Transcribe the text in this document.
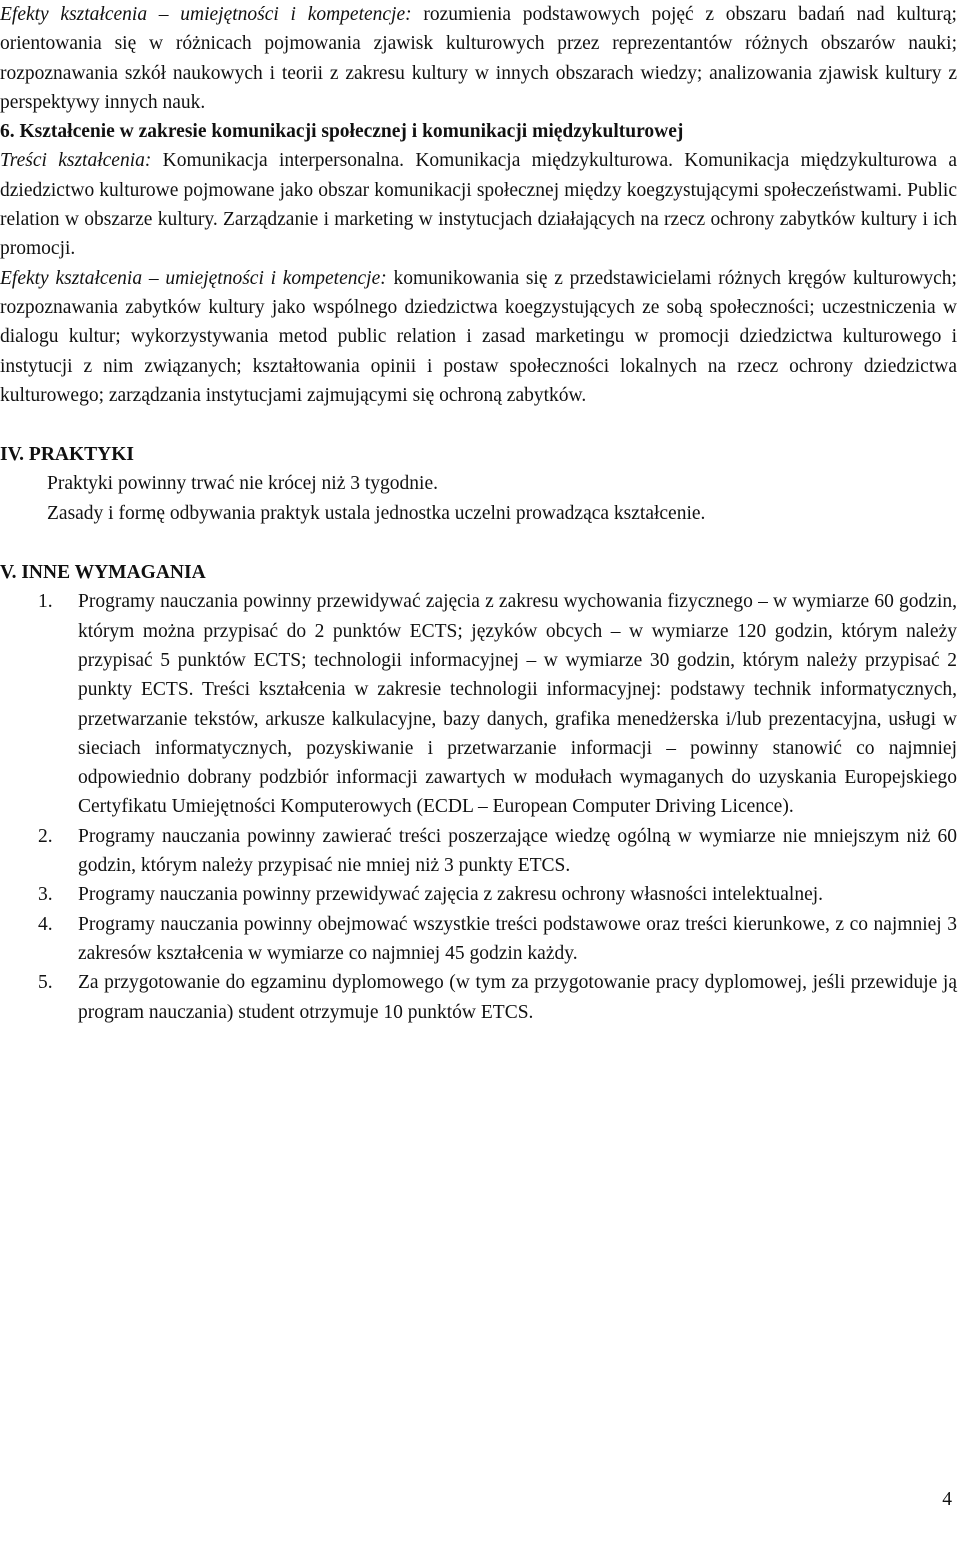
Efekty kształcenia – umiejętności i kompetencje: rozumienia podstawowych pojęć z obszaru badań nad kulturą; orientowania się w różnicach pojmowania zjawisk kulturowych przez reprezentantów różnych obszarów nauki; rozpoznawania szkół naukowych i teorii z zakresu kultury w innych obszarach wiedzy; analizowania zjawisk kultury z perspektywy innych nauk.

6. Kształcenie w zakresie komunikacji społecznej i komunikacji międzykulturowej

Treści kształcenia: Komunikacja interpersonalna. Komunikacja międzykulturowa. Komunikacja międzykulturowa a dziedzictwo kulturowe pojmowane jako obszar komunikacji społecznej między koegzystującymi społeczeństwami. Public relation w obszarze kultury. Zarządzanie i marketing w instytucjach działających na rzecz ochrony zabytków kultury i ich promocji.

Efekty kształcenia – umiejętności i kompetencje: komunikowania się z przedstawicielami różnych kręgów kulturowych; rozpoznawania zabytków kultury jako wspólnego dziedzictwa koegzystujących ze sobą społeczności; uczestniczenia w dialogu kultur; wykorzystywania metod public relation i zasad marketingu w promocji dziedzictwa kulturowego i instytucji z nim związanych; kształtowania opinii i postaw społeczności lokalnych na rzecz ochrony dziedzictwa kulturowego; zarządzania instytucjami zajmującymi się ochroną zabytków.

IV. PRAKTYKI

Praktyki powinny trwać nie krócej niż 3 tygodnie.

Zasady i formę odbywania praktyk ustala jednostka uczelni prowadząca kształcenie.

V. INNE WYMAGANIA

1. Programy nauczania powinny przewidywać zajęcia z zakresu wychowania fizycznego – w wymiarze 60 godzin, którym można przypisać do 2 punktów ECTS; języków obcych – w wymiarze 120 godzin, którym należy przypisać 5 punktów ECTS; technologii informacyjnej – w wymiarze 30 godzin, którym należy przypisać 2 punkty ECTS. Treści kształcenia w zakresie technologii informacyjnej: podstawy technik informatycznych, przetwarzanie tekstów, arkusze kalkulacyjne, bazy danych, grafika menedżerska i/lub prezentacyjna, usługi w sieciach informatycznych, pozyskiwanie i przetwarzanie informacji – powinny stanowić co najmniej odpowiednio dobrany podzbiór informacji zawartych w modułach wymaganych do uzyskania Europejskiego Certyfikatu Umiejętności Komputerowych (ECDL – European Computer Driving Licence).
2. Programy nauczania powinny zawierać treści poszerzające wiedzę ogólną w wymiarze nie mniejszym niż 60 godzin, którym należy przypisać nie mniej niż 3 punkty ETCS.
3. Programy nauczania powinny przewidywać zajęcia z zakresu ochrony własności intelektualnej.
4. Programy nauczania powinny obejmować wszystkie treści podstawowe oraz treści kierunkowe, z co najmniej 3 zakresów kształcenia w wymiarze co najmniej 45 godzin każdy.
5. Za przygotowanie do egzaminu dyplomowego (w tym za przygotowanie pracy dyplomowej, jeśli przewiduje ją program nauczania) student otrzymuje 10 punktów ETCS.
4
